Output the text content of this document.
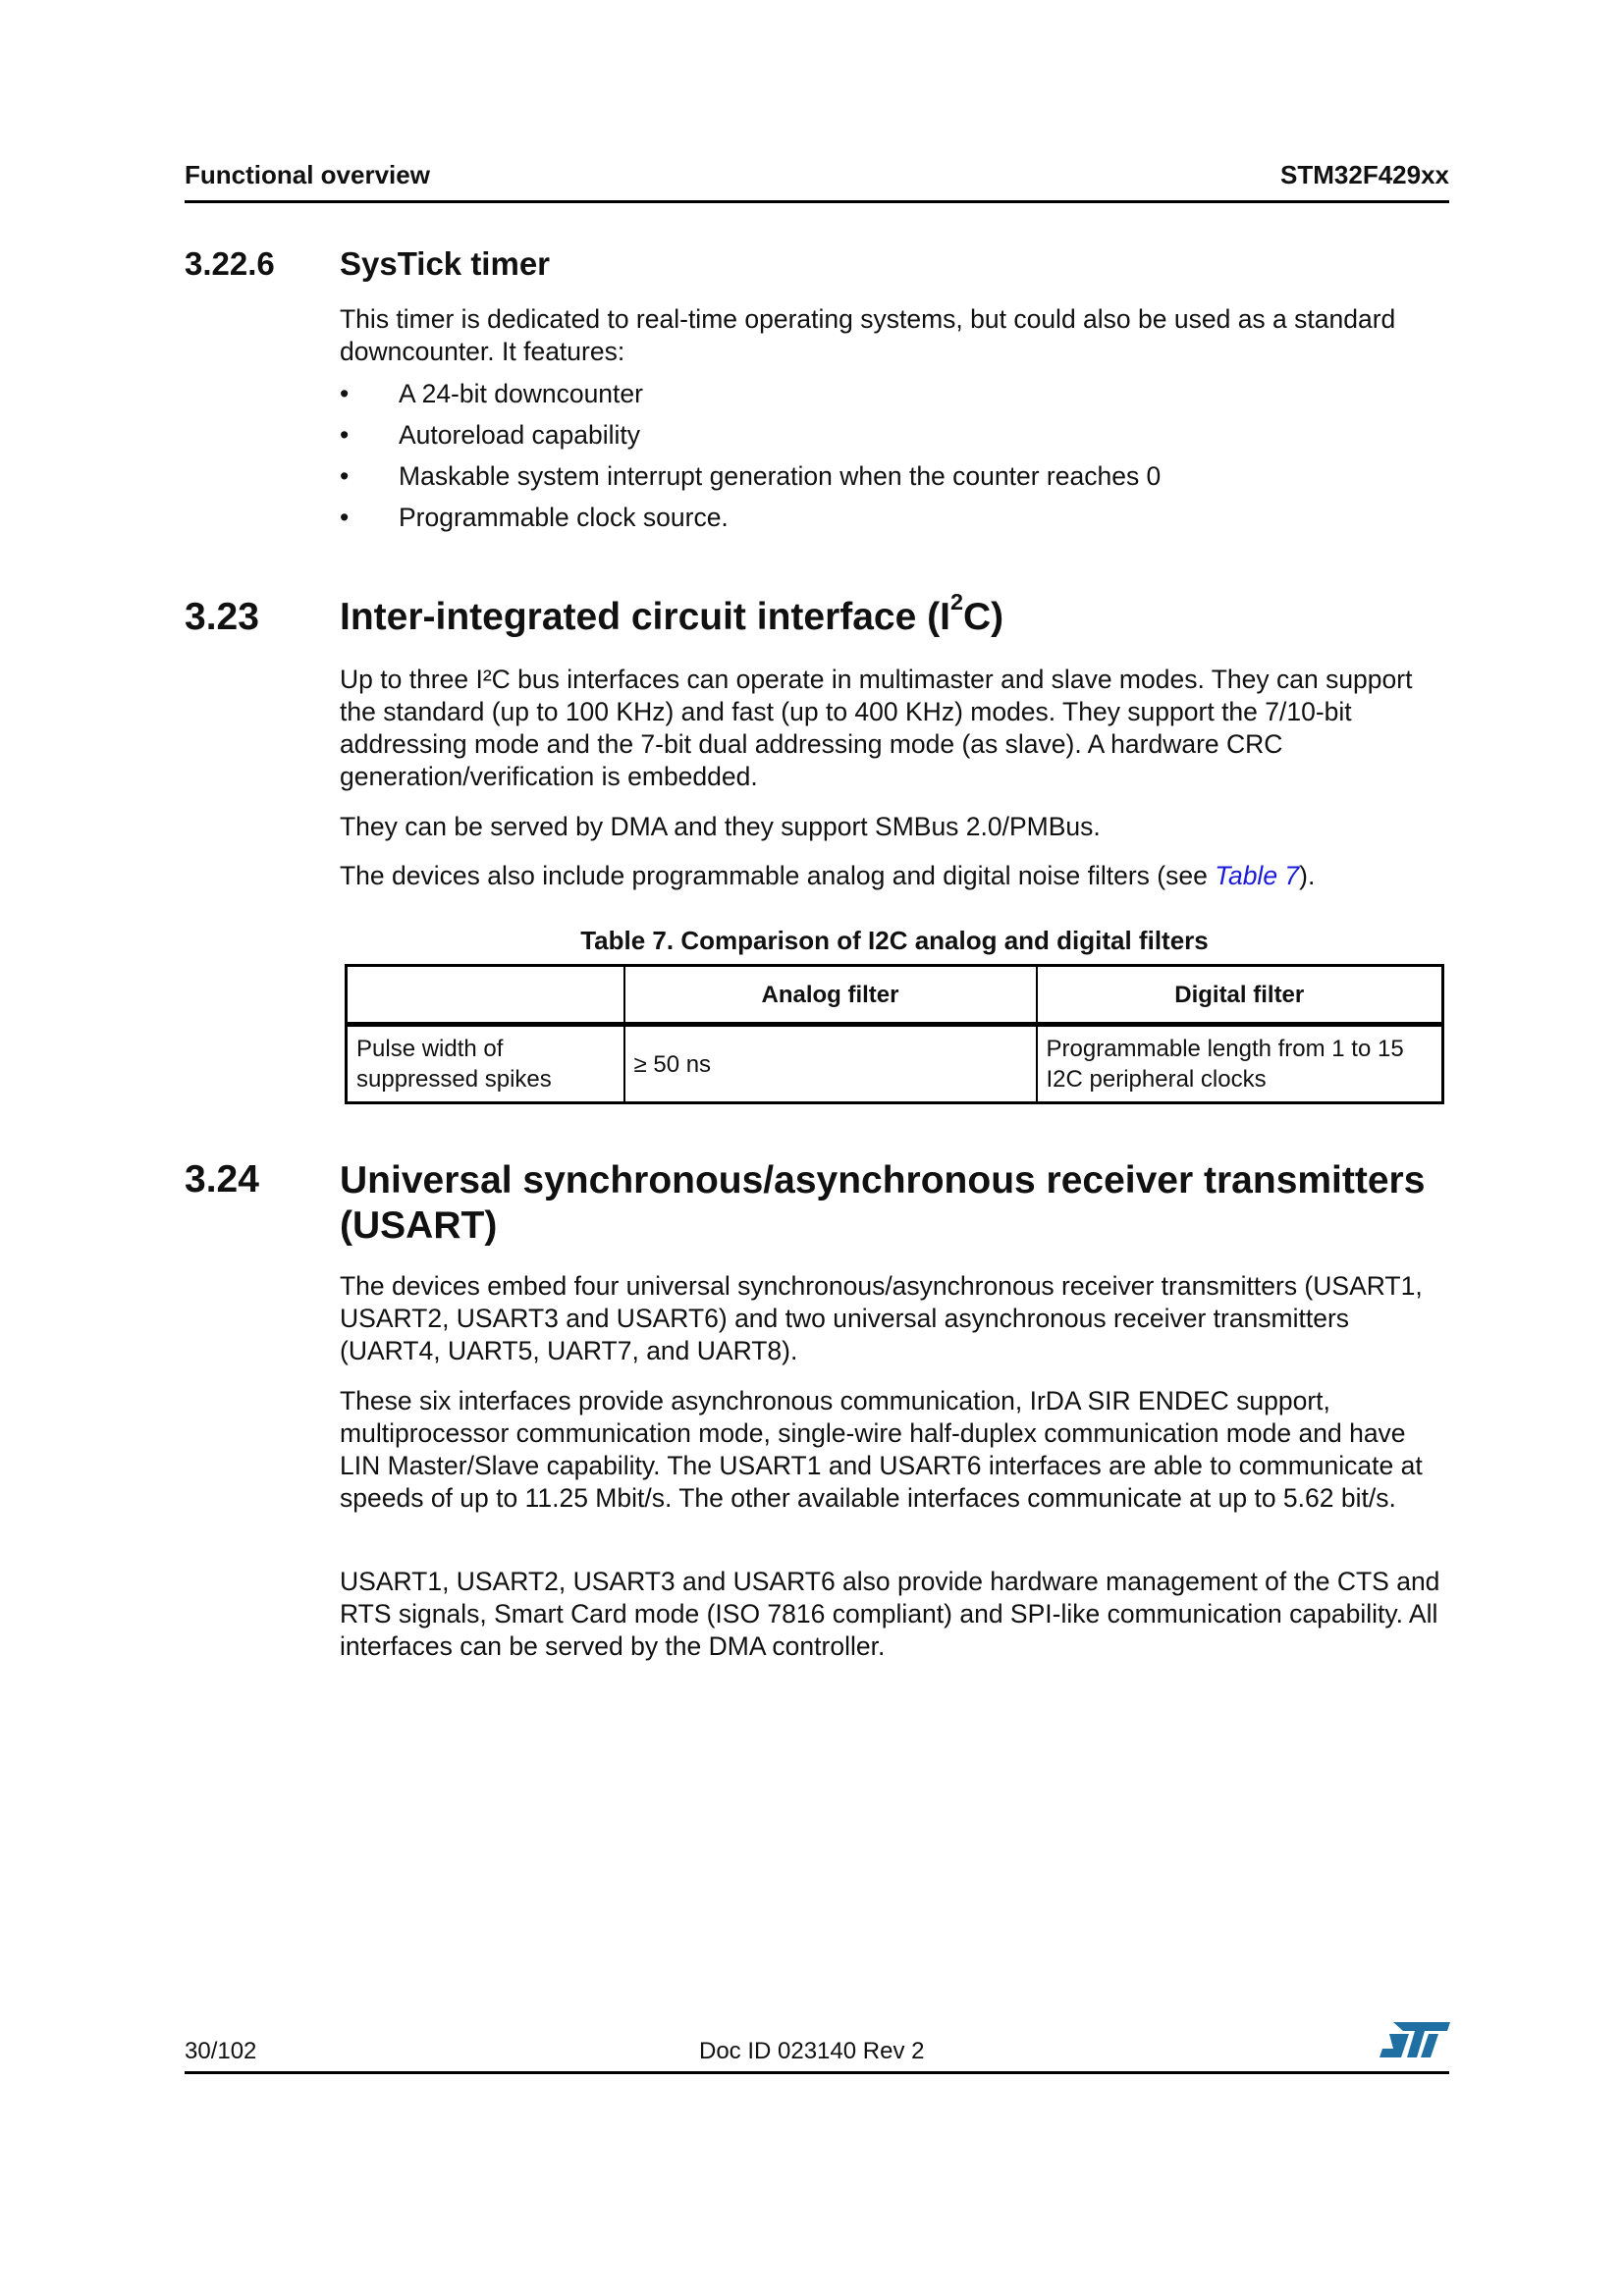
Functional overview	STM32F429xx
3.22.6 SysTick timer

This timer is dedicated to real-time operating systems, but could also be used as a standard downcounter. It features:

• A 24-bit downcounter
• Autoreload capability
• Maskable system interrupt generation when the counter reaches 0
• Programmable clock source.
3.23 Inter-integrated circuit interface $(I^2C)$

Up to three I²C bus interfaces can operate in multimaster and slave modes. They can support the standard (up to 100 KHz) and fast (up to 400 KHz) modes. They support the 7/10-bit addressing mode and the 7-bit dual addressing mode (as slave). A hardware CRC generation/verification is embedded.

They can be served by DMA and they support SMBus 2.0/PMBus.

The devices also include programmable analog and digital noise filters (see Table 7).

Table 7. Comparison of I2C analog and digital filters
	Analog filter	Digital filter
Pulse width of suppressed spikes	≥ 50 ns	Programmable length from 1 to 15 I2C peripheral clocks
3.24 Universal synchronous/asynchronous receiver transmitters (USART)

The devices embed four universal synchronous/asynchronous receiver transmitters (USART1, USART2, USART3 and USART6) and two universal asynchronous receiver transmitters (UART4, UART5, UART7, and UART8).

These six interfaces provide asynchronous communication, IrDA SIR ENDEC support, multiprocessor communication mode, single-wire half-duplex communication mode and have LIN Master/Slave capability. The USART1 and USART6 interfaces are able to communicate at speeds of up to 11.25 Mbit/s. The other available interfaces communicate at up to 5.62 bit/s.

USART1, USART2, USART3 and USART6 also provide hardware management of the CTS and RTS signals, Smart Card mode (ISO 7816 compliant) and SPI-like communication capability. All interfaces can be served by the DMA controller.

30/102	Doc ID 023140 Rev 2
